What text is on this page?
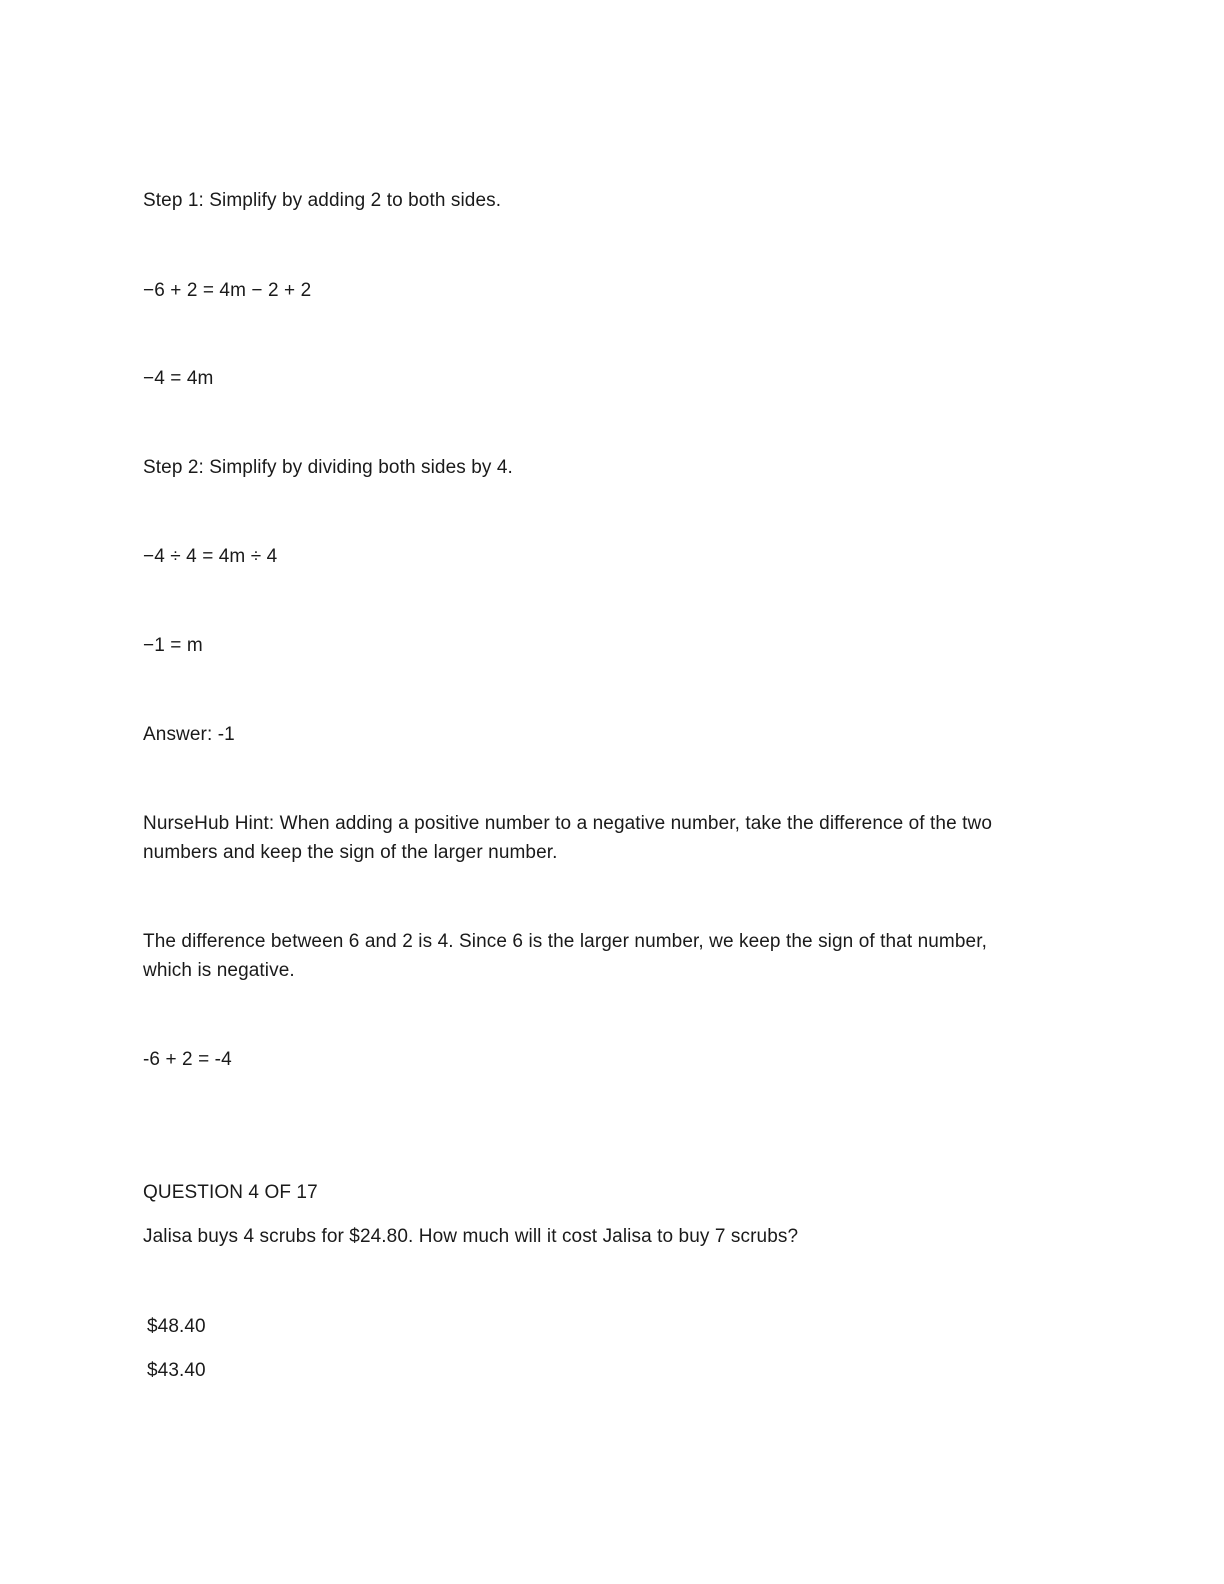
Step 1: Simplify by adding 2 to both sides.
−6 + 2 = 4m − 2 + 2
−4 = 4m
Step 2: Simplify by dividing both sides by 4.
−4 ÷ 4 = 4m ÷ 4
−1 = m
Answer: -1
NurseHub Hint: When adding a positive number to a negative number, take the difference of the two
numbers and keep the sign of the larger number.
The difference between 6 and 2 is 4. Since 6 is the larger number, we keep the sign of that number,
which is negative.
-6 + 2 = -4
QUESTION 4 OF 17
Jalisa buys 4 scrubs for $24.80. How much will it cost Jalisa to buy 7 scrubs?
$48.40
$43.40
